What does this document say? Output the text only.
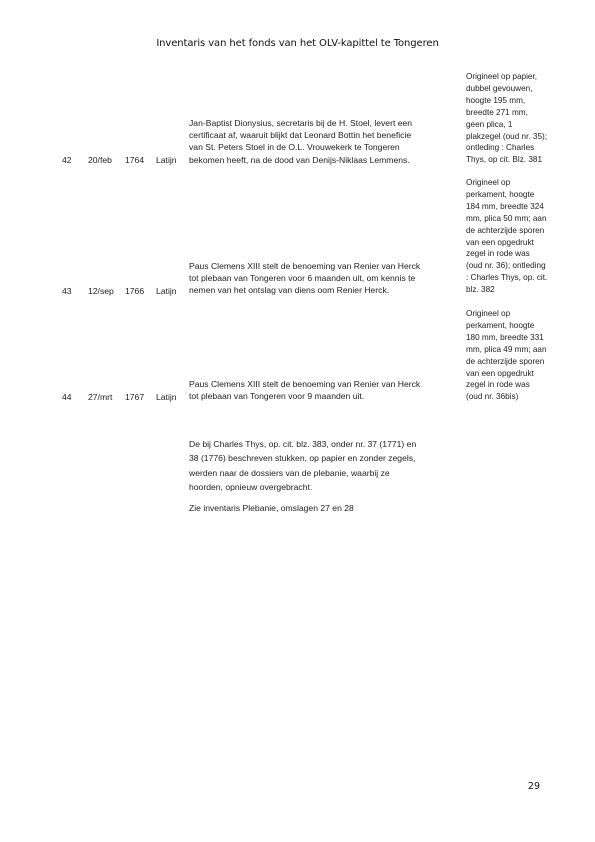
Inventaris van het fonds van het OLV-kapittel te Tongeren
42 20/feb 1764 Latijn
Jan-Baptist Dionysius, secretaris bij de H. Stoel, levert een
certificaat af, waaruit blijkt dat Leonard Bottin het beneficie
van St. Peters Stoel in de O.L. Vrouwekerk te Tongeren
bekomen heeft, na de dood van Denijs-Niklaas Lemmens.
Origineel op papier,
dubbel gevouwen,
hoogte 195 mm,
breedte 271 mm,
geen plica, 1
plakzegel (oud nr. 35);
ontleding : Charles
Thys, op cit. Blz. 381
43 12/sep 1766 Latijn
Paus Clemens XIII stelt de benoeming van Renier van Herck
tot plebaan van Tongeren voor 6 maanden uit, om kennis te
nemen van het ontslag van diens oom Renier Herck.
Origineel op
perkament, hoogte
184 mm, breedte 324
mm, plica 50 mm; aan
de achterzijde sporen
van een opgedrukt
zegel in rode was
(oud nr. 36); ontleding
: Charles Thys, op. cit.
blz. 382
44 27/mrt 1767 Latijn
Paus Clemens XIII stelt de benoeming van Renier van Herck
tot plebaan van Tongeren voor 9 maanden uit.
Origineel op
perkament, hoogte
180 mm, breedte 331
mm, plica 49 mm; aan
de achterzijde sporen
van een opgedrukt
zegel in rode was
(oud nr. 36bis)
De bij Charles Thys, op. cit. blz. 383, onder nr. 37 (1771) en
38 (1776) beschreven stukken, op papier en zonder zegels,
werden naar de dossiers van de plebanie, waarbij ze
hoorden, opnieuw overgebracht.
Zie inventaris Plebanie, omslagen 27 en 28
29
